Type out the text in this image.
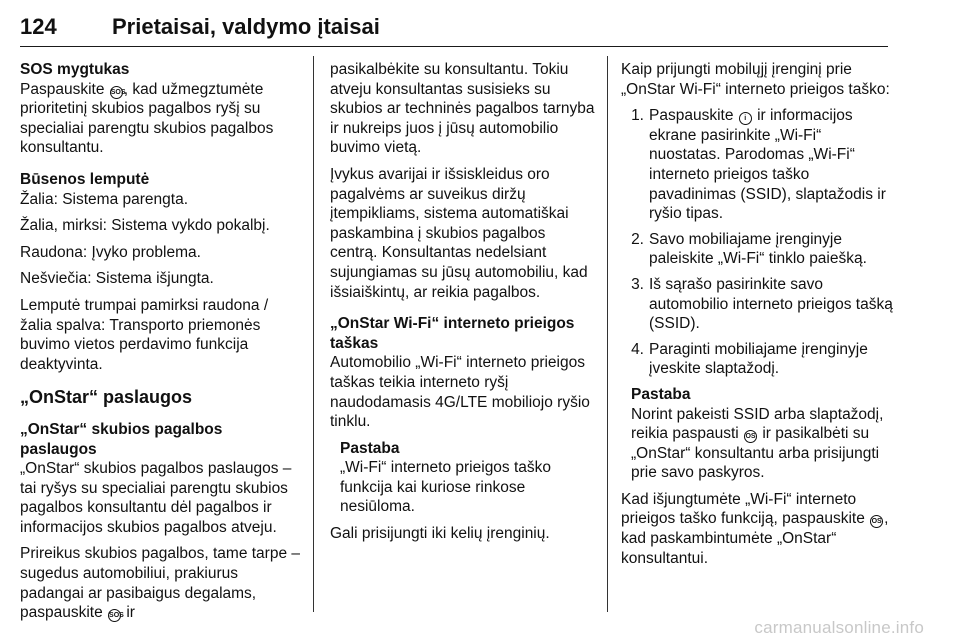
124	Prietaisai, valdymo įtaisai
SOS mygtukas

Paspauskite SOS, kad užmegztumėte prioritetinį skubios pagalbos ryšį su specialiai parengtu skubios pagalbos konsultantu.

Būsenos lemputė

Žalia: Sistema parengta.

Žalia, mirksi: Sistema vykdo pokalbį.

Raudona: Įvyko problema.

Nešviečia: Sistema išjungta.

Lemputė trumpai pamirksi raudona / žalia spalva: Transporto priemonės buvimo vietos perdavimo funkcija deaktyvinta.

„OnStar“ paslaugos
„OnStar“ skubios pagalbos paslaugos

„OnStar“ skubios pagalbos paslaugos – tai ryšys su specialiai parengtu skubios pagalbos konsultantu dėl pagalbos ir informacijos skubios pagalbos atveju.

Prireikus skubios pagalbos, tame tarpe – sugedus automobiliui, prakiurus padangai ar pasibaigus degalams, paspauskite SOS ir

pasikalbėkite su konsultantu. Tokiu atveju konsultantas susisieks su skubios ar techninės pagalbos tarnyba ir nukreips juos į jūsų automobilio buvimo vietą.

Įvykus avarijai ir išsiskleidus oro pagalvėms ar suveikus diržų įtempikliams, sistema automatiškai paskambina į skubios pagalbos centrą. Konsultantas nedelsiant sujungiamas su jūsų automobiliu, kad išsiaiškintų, ar reikia pagalbos.

„OnStar Wi-Fi“ interneto prieigos taškas

Automobilio „Wi-Fi“ interneto prieigos taškas teikia interneto ryšį naudodamasis 4G/LTE mobiliojo ryšio tinklu.

Pastaba

„Wi-Fi“ interneto prieigos taško funkcija kai kuriose rinkose nesiūloma.

Gali prisijungti iki kelių įrenginių.

Kaip prijungti mobilųjį įrenginį prie „OnStar Wi-Fi“ interneto prieigos taško:

1. Paspauskite i ir informacijos ekrane pasirinkite „Wi-Fi“ nuostatas. Parodomas „Wi-Fi“ interneto prieigos taško pavadinimas (SSID), slaptažodis ir ryšio tipas.
2. Savo mobiliajame įrenginyje paleiskite „Wi-Fi“ tinklo paiešką.
3. Iš sąrašo pasirinkite savo automobilio interneto prieigos tašką (SSID).
4. Paraginti mobiliajame įrenginyje įveskite slaptažodį.
Pastaba

Norint pakeisti SSID arba slaptažodį, reikia paspausti OS ir pasikalbėti su „OnStar“ konsultantu arba prisijungti prie savo paskyros.

Kad išjungtumėte „Wi-Fi“ interneto prieigos taško funkciją, paspauskite OS , kad paskambintumėte „OnStar“ konsultantui.

carmanualsonline.info
